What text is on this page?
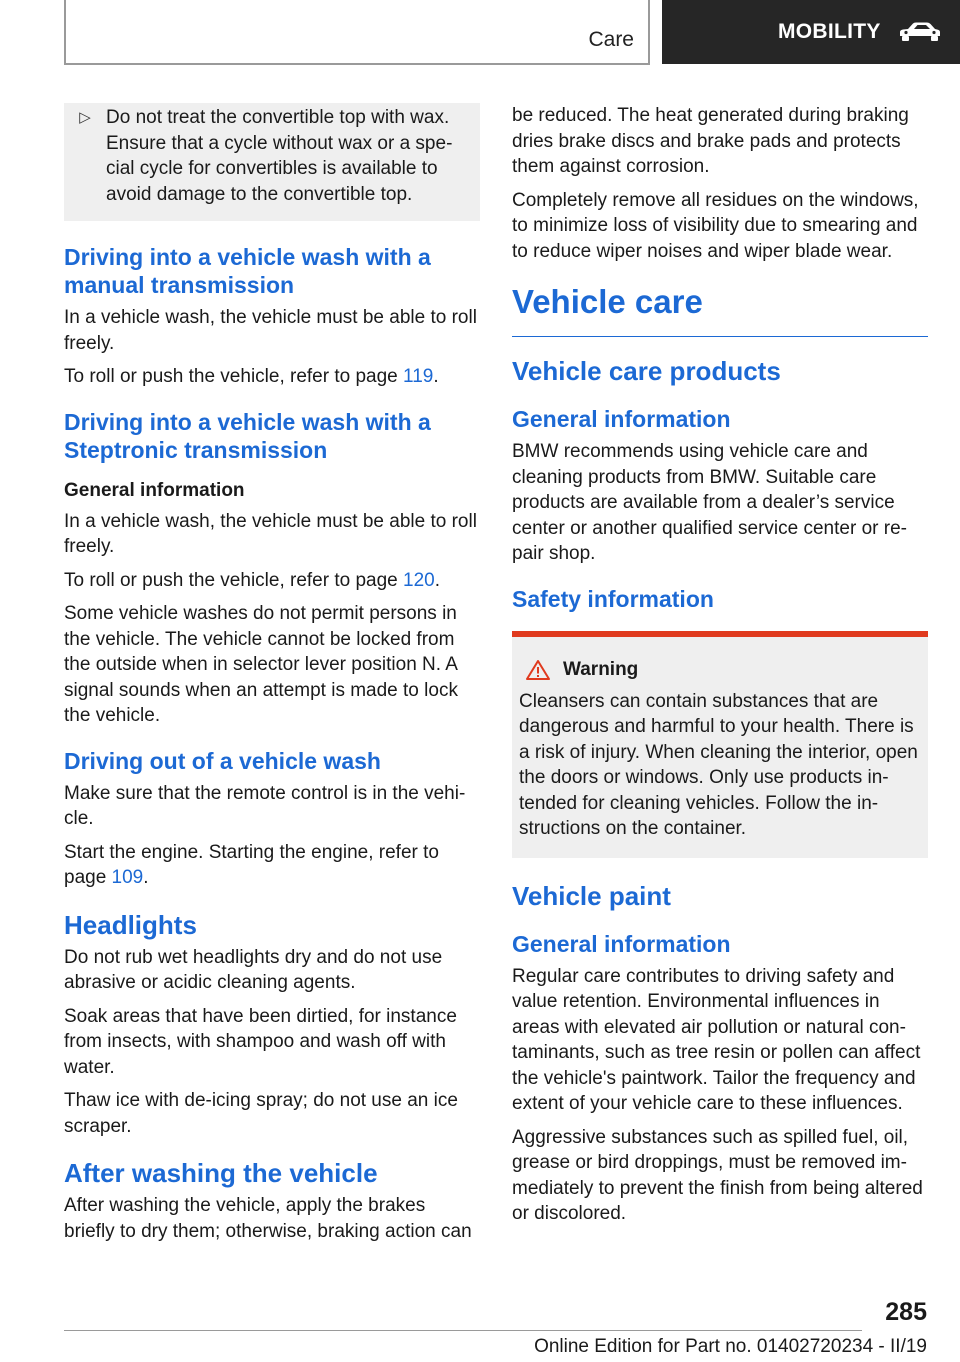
Care	MOBILITY
▷ Do not treat the convertible top with wax. Ensure that a cycle without wax or a special cycle for convertibles is available to avoid damage to the convertible top.

Driving into a vehicle wash with a manual transmission

In a vehicle wash, the vehicle must be able to roll freely.

To roll or push the vehicle, refer to page 119.

Driving into a vehicle wash with a Steptronic transmission
General information

In a vehicle wash, the vehicle must be able to roll freely.

To roll or push the vehicle, refer to page 120.

Some vehicle washes do not permit persons in the vehicle. The vehicle cannot be locked from the outside when in selector lever position N. A signal sounds when an attempt is made to lock the vehicle.

Driving out of a vehicle wash

Make sure that the remote control is in the vehicle.

Start the engine. Starting the engine, refer to page 109.

Headlights

Do not rub wet headlights dry and do not use abrasive or acidic cleaning agents.

Soak areas that have been dirtied, for instance from insects, with shampoo and wash off with water.

Thaw ice with de-icing spray; do not use an ice scraper.

After washing the vehicle

After washing the vehicle, apply the brakes briefly to dry them; otherwise, braking action can

be reduced. The heat generated during braking dries brake discs and brake pads and protects them against corrosion.

Completely remove all residues on the windows, to minimize loss of visibility due to smearing and to reduce wiper noises and wiper blade wear.

Vehicle care
Vehicle care products
General information

BMW recommends using vehicle care and cleaning products from BMW. Suitable care products are available from a dealer’s service center or another qualified service center or repair shop.

Safety information
Warning

Cleansers can contain substances that are dangerous and harmful to your health. There is a risk of injury. When cleaning the interior, open the doors or windows. Only use products intended for cleaning vehicles. Follow the instructions on the container.

Vehicle paint
General information

Regular care contributes to driving safety and value retention. Environmental influences in areas with elevated air pollution or natural contaminants, such as tree resin or pollen can affect the vehicle's paintwork. Tailor the frequency and extent of your vehicle care to these influences.

Aggressive substances such as spilled fuel, oil, grease or bird droppings, must be removed immediately to prevent the finish from being altered or discolored.

285
Online Edition for Part no. 01402720234 - II/19
